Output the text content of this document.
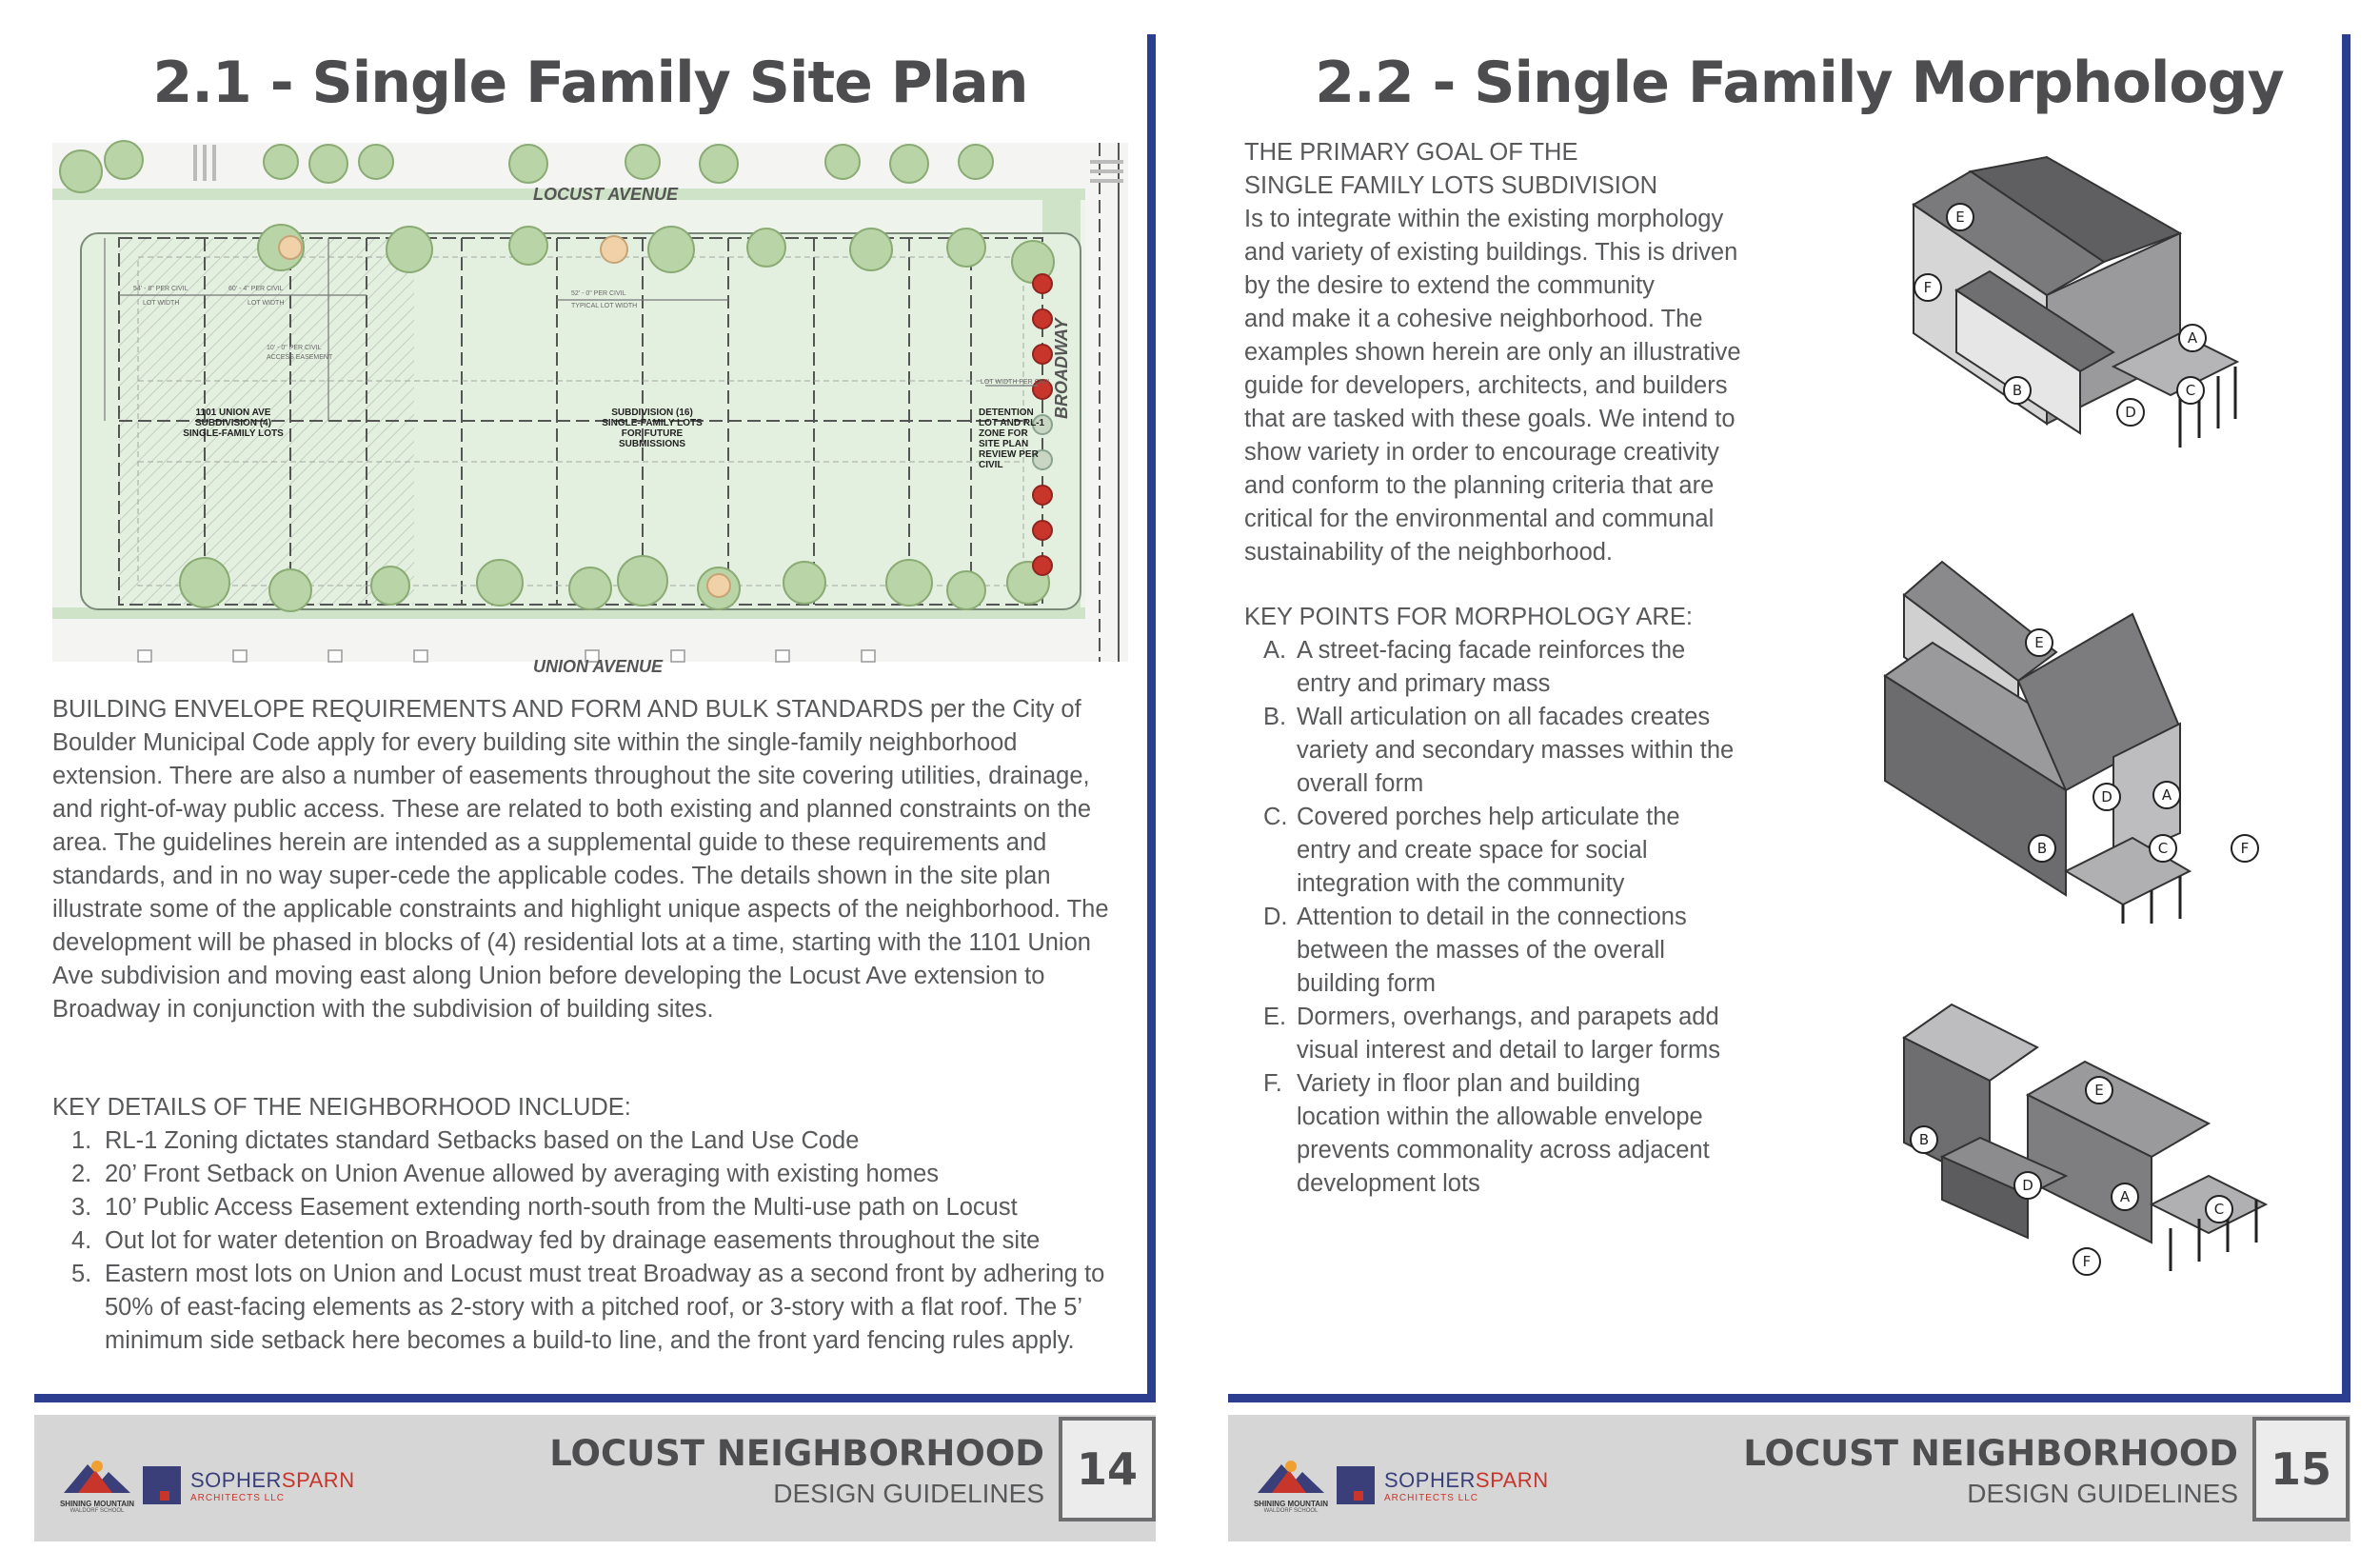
2.1 - Single Family Site Plan
LOCUST AVENUE
UNION AVENUE
BROADWAY
1101 UNION AVE
SUBDIVISION (4)
SINGLE-FAMILY LOTS
SUBDIVISION (16)
SINGLE-FAMILY LOTS
FOR FUTURE
SUBMISSIONS
DETENTION
LOT AND RL-1
ZONE FOR
SITE PLAN
REVIEW PER
CIVIL
54' - 8" PER CIVIL	60' - 4" PER CIVIL
LOT WIDTH	LOT WIDTH
52' - 0" PER CIVIL
TYPICAL LOT WIDTH
10' - 0" PER CIVIL
ACCESS EASEMENT
LOT WIDTH PER CIVIL
BUILDING ENVELOPE REQUIREMENTS AND FORM AND BULK STANDARDS per the City of Boulder Municipal Code apply for every building site within the single-family neighborhood extension. There are also a number of easements throughout the site covering utilities, drainage, and right-of-way public access. These are related to both existing and planned constraints on the area. The guidelines herein are intended as a supplemental guide to these requirements and standards, and in no way super-cede the applicable codes. The details shown in the site plan illustrate some of the applicable constraints and highlight unique aspects of the neighborhood. The development will be phased in blocks of (4) residential lots at a time, starting with the 1101 Union Ave subdivision and moving east along Union before developing the Locust Ave extension to Broadway in conjunction with the subdivision of building sites.
KEY DETAILS OF THE NEIGHBORHOOD INCLUDE:
1. RL-1 Zoning dictates standard Setbacks based on the Land Use Code
2. 20’ Front Setback on Union Avenue allowed by averaging with existing homes
3. 10’ Public Access Easement extending north-south from the Multi-use path on Locust
4. Out lot for water detention on Broadway fed by drainage easements throughout the site
5. Eastern most lots on Union and Locust must treat Broadway as a second front by adhering to 50% of east-facing elements as 2-story with a pitched roof, or 3-story with a flat roof. The 5’ minimum side setback here becomes a build-to line, and the front yard fencing rules apply.
SHINING MOUNTAIN
WALDORF SCHOOL
SOPHERSPARN
ARCHITECTS LLC
LOCUST NEIGHBORHOOD
DESIGN GUIDELINES 14
2.2 - Single Family Morphology
THE PRIMARY GOAL OF THE
SINGLE FAMILY LOTS SUBDIVISION
Is to integrate within the existing morphology
and variety of existing buildings. This is driven
by the desire to extend the community
and make it a cohesive neighborhood. The
examples shown herein are only an illustrative
guide for developers, architects, and builders
that are tasked with these goals. We intend to
show variety in order to encourage creativity
and conform to the planning criteria that are
critical for the environmental and communal
sustainability of the neighborhood.
KEY POINTS FOR MORPHOLOGY ARE:
A. A street-facing facade reinforces the
entry and primary mass
B. Wall articulation on all facades creates
variety and secondary masses within the
overall form
C. Covered porches help articulate the
entry and create space for social
integration with the community
D. Attention to detail in the connections
between the masses of the overall
building form
E. Dormers, overhangs, and parapets add
visual interest and detail to larger forms
F. Variety in floor plan and building
location within the allowable envelope
prevents commonality across adjacent
development lots
E
F
A
C
B
D
E
D	A
B	C	F
E
B
D
A
C
F
SHINING MOUNTAIN
WALDORF SCHOOL
SOPHERSPARN
ARCHITECTS LLC
LOCUST NEIGHBORHOOD
DESIGN GUIDELINES 15
